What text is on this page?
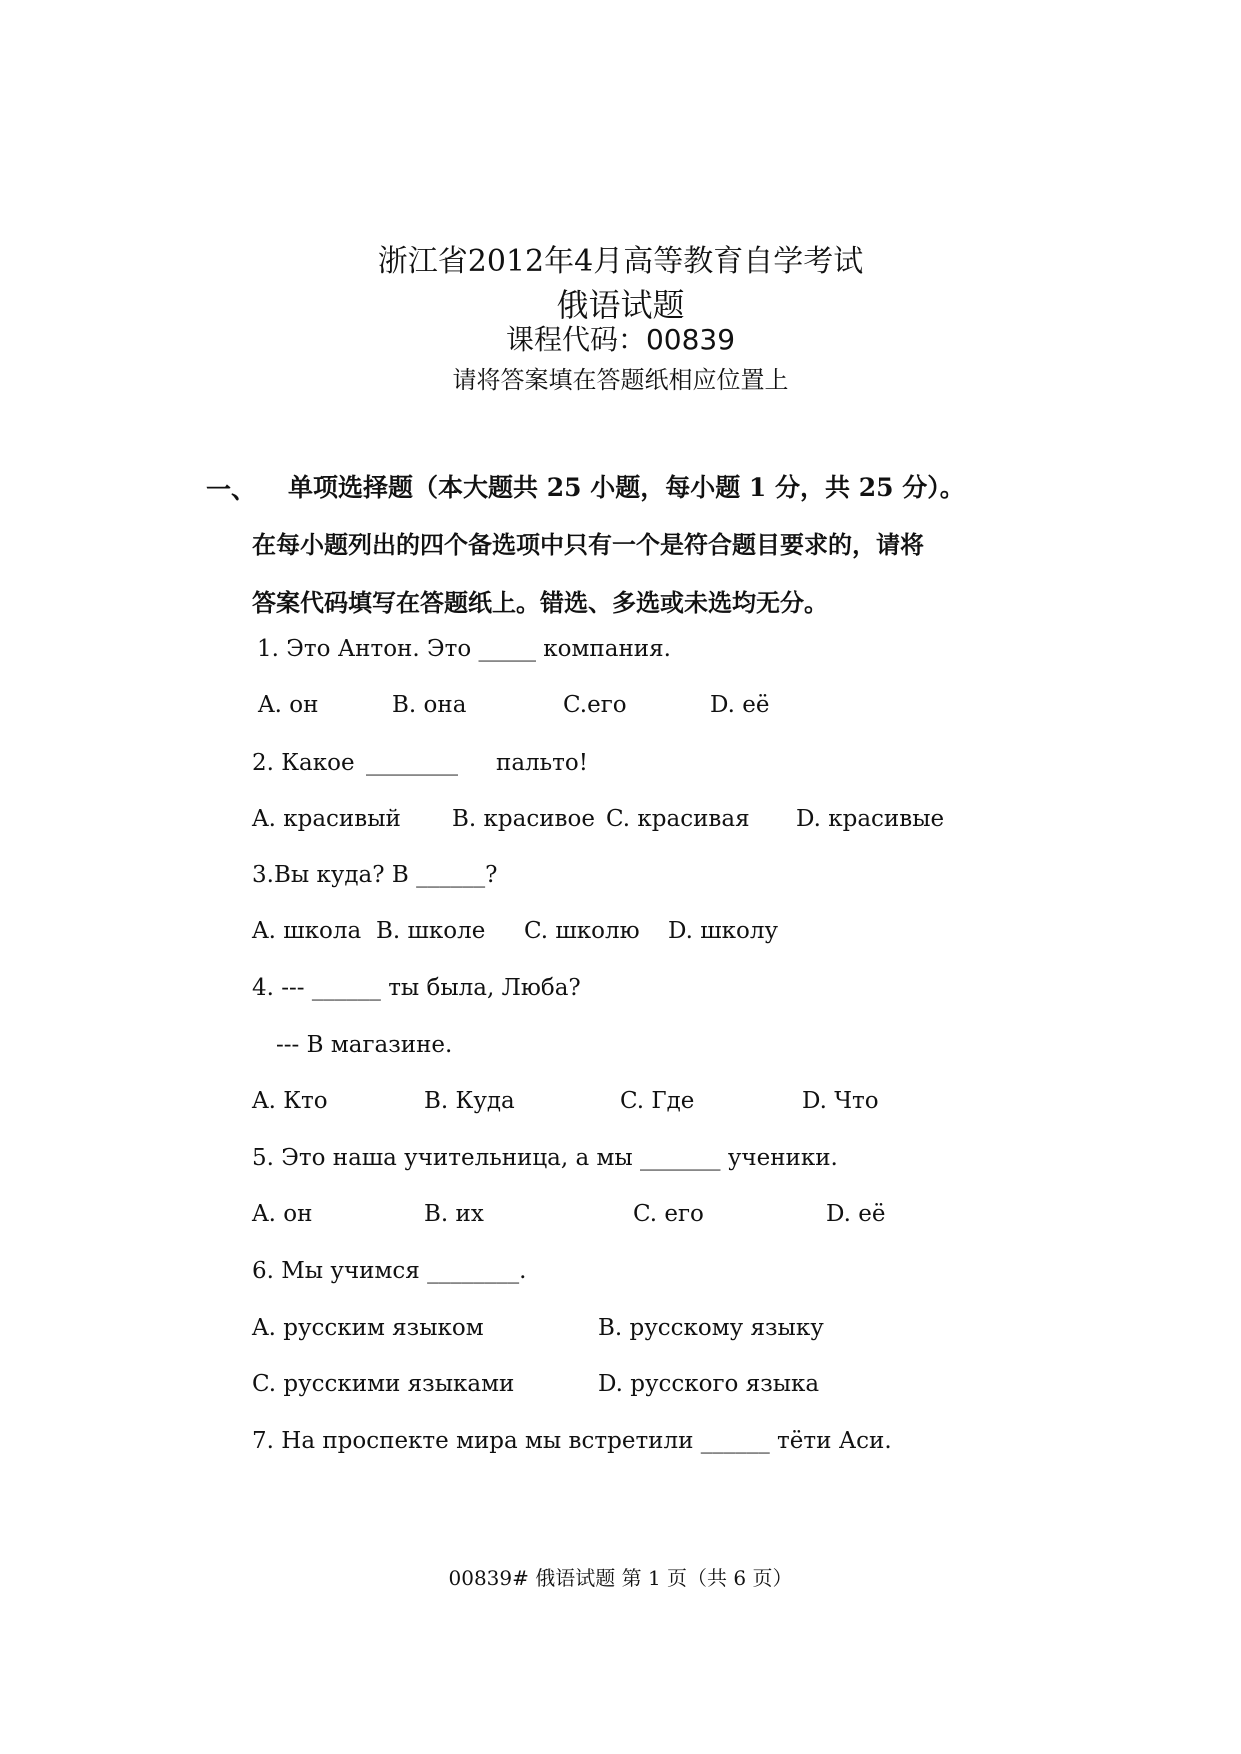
浙江省2012年4月高等教育自学考试
俄语试题
课程代码：00839
请将答案填在答题纸相应位置上
一、 单项选择题（本大题共 25 小题，每小题 1 分，共 25 分）。
在每小题列出的四个备选项中只有一个是符合题目要求的，请将
答案代码填写在答题纸上。错选、多选或未选均无分。
1. Это Антон. Это _____ компания.
A. он	B. она	C.его	D. её
2. Какое ________ пальто!
A. красивый B. красивое C. красивая D. красивые
3.Вы куда? В ______?
A. школа B. школе C. школю D. школу
4. --- ______ ты была, Люба?
--- В магазине.
A. Кто	B. Куда	C. Где	D. Что
5. Это наша учительница, а мы _______ ученики.
A. он	B. их	C. его	D. её
6. Мы учимся ________.
A. русским языком	B. русскому языку
C. русскими языками	D. русского языка
7. На проспекте мира мы встретили ______ тёти Аси.
00839# 俄语试题 第 1 页（共 6 页）
